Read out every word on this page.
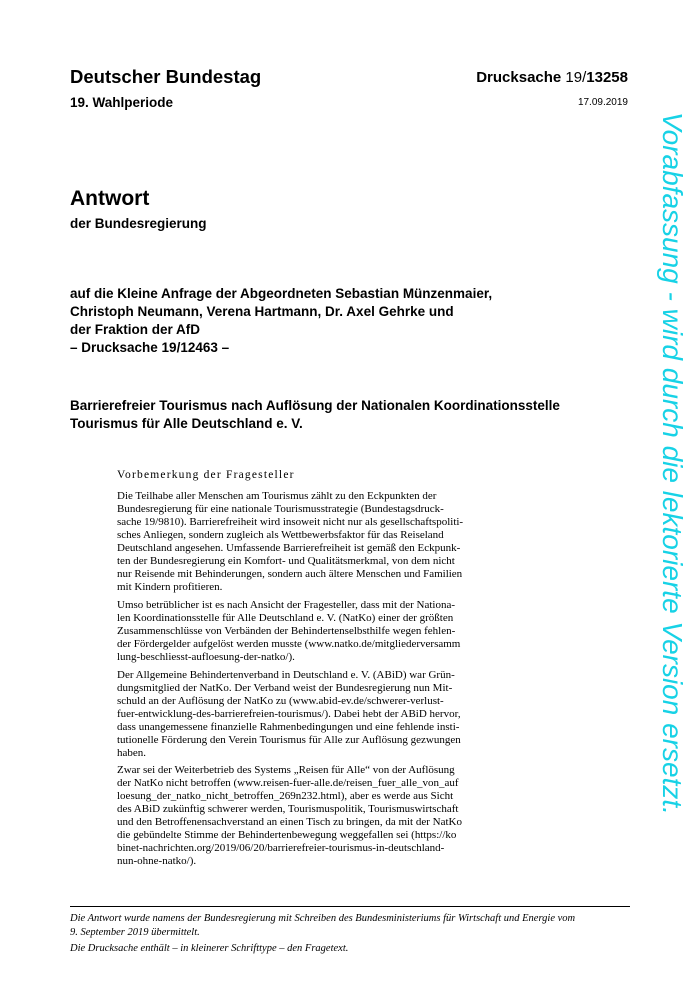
Deutscher Bundestag
19. Wahlperiode
Drucksache 19/13258
17.09.2019
Antwort
der Bundesregierung
auf die Kleine Anfrage der Abgeordneten Sebastian Münzenmaier,
Christoph Neumann, Verena Hartmann, Dr. Axel Gehrke und
der Fraktion der AfD
– Drucksache 19/12463 –
Barrierefreier Tourismus nach Auflösung der Nationalen Koordinationsstelle
Tourismus für Alle Deutschland e. V.
Vorbemerkung der Fragesteller
Die Teilhabe aller Menschen am Tourismus zählt zu den Eckpunkten der
Bundesregierung für eine nationale Tourismusstrategie (Bundestagsdruck-
sache 19/9810). Barrierefreiheit wird insoweit nicht nur als gesellschaftspoliti-
sches Anliegen, sondern zugleich als Wettbewerbsfaktor für das Reiseland
Deutschland angesehen. Umfassende Barrierefreiheit ist gemäß den Eckpunk-
ten der Bundesregierung ein Komfort- und Qualitätsmerkmal, von dem nicht
nur Reisende mit Behinderungen, sondern auch ältere Menschen und Familien
mit Kindern profitieren.
Umso betrüblicher ist es nach Ansicht der Fragesteller, dass mit der Nationa-
len Koordinationsstelle für Alle Deutschland e. V. (NatKo) einer der größten
Zusammenschlüsse von Verbänden der Behindertenselbsthilfe wegen fehlen-
der Fördergelder aufgelöst werden musste (www.natko.de/mitgliederversamm
lung-beschliesst-aufloesung-der-natko/).
Der Allgemeine Behindertenverband in Deutschland e. V. (ABiD) war Grün-
dungsmitglied der NatKo. Der Verband weist der Bundesregierung nun Mit-
schuld an der Auflösung der NatKo zu (www.abid-ev.de/schwerer-verlust-
fuer-entwicklung-des-barrierefreien-tourismus/). Dabei hebt der ABiD hervor,
dass unangemessene finanzielle Rahmenbedingungen und eine fehlende insti-
tutionelle Förderung den Verein Tourismus für Alle zur Auflösung gezwungen
haben.
Zwar sei der Weiterbetrieb des Systems „Reisen für Alle“ von der Auflösung
der NatKo nicht betroffen (www.reisen-fuer-alle.de/reisen_fuer_alle_von_auf
loesung_der_natko_nicht_betroffen_269n232.html), aber es werde aus Sicht
des ABiD zukünftig schwerer werden, Tourismuspolitik, Tourismuswirtschaft
und den Betroffenensachverstand an einen Tisch zu bringen, da mit der NatKo
die gebündelte Stimme der Behindertenbewegung weggefallen sei (https://ko
binet-nachrichten.org/2019/06/20/barrierefreier-tourismus-in-deutschland-
nun-ohne-natko/).
Vorabfassung - wird durch die lektorierte Version ersetzt.
Die Antwort wurde namens der Bundesregierung mit Schreiben des Bundesministeriums für Wirtschaft und Energie vom
9. September 2019 übermittelt.
Die Drucksache enthält – in kleinerer Schrifttype – den Fragetext.
